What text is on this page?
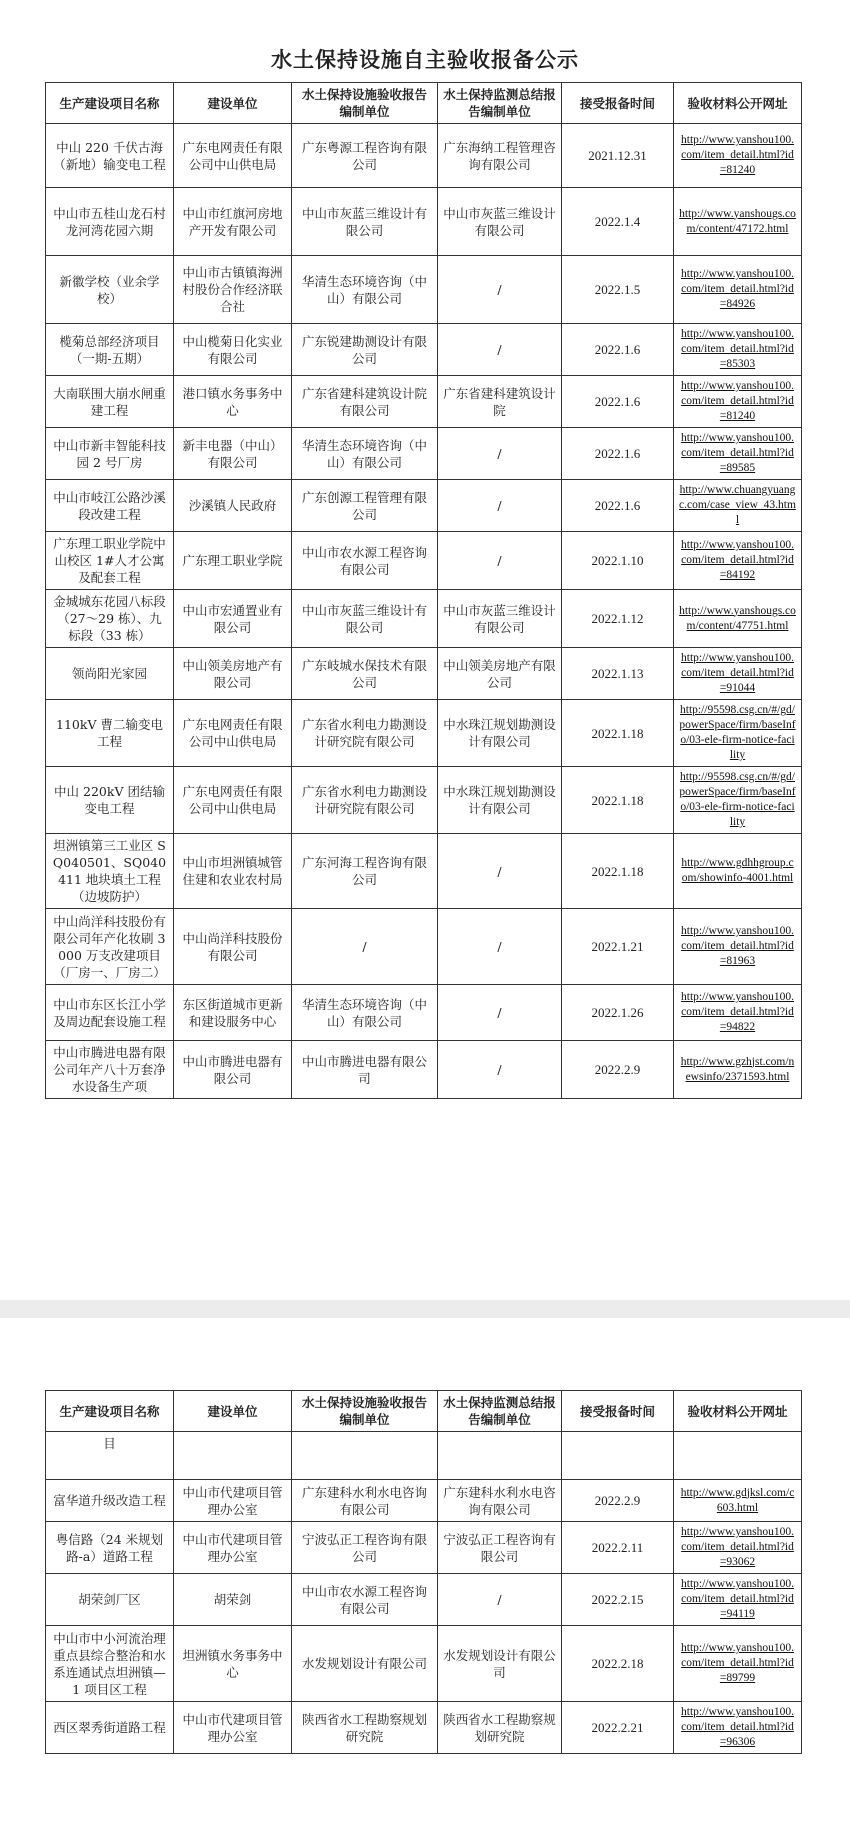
水土保持设施自主验收报备公示
生产建设项目名称	建设单位	水土保持设施验收报告编制单位	水土保持监测总结报告编制单位	接受报备时间	验收材料公开网址
中山 220 千伏古海（新地）输变电工程	广东电网责任有限公司中山供电局	广东粤源工程咨询有限公司	广东海纳工程管理咨询有限公司	2021.12.31	http://www.yanshou100.com/item_detail.html?id=81240
中山市五桂山龙石村龙河湾花园六期	中山市红旗河房地产开发有限公司	中山市灰蓝三维设计有限公司	中山市灰蓝三维设计有限公司	2022.1.4	http://www.yanshougs.com/content/47172.html
新徽学校（业余学校）	中山市古镇镇海洲村股份合作经济联合社	华清生态环境咨询（中山）有限公司	/	2022.1.5	http://www.yanshou100.com/item_detail.html?id=84926
榄菊总部经济项目（一期-五期）	中山榄菊日化实业有限公司	广东锐建勘测设计有限公司	/	2022.1.6	http://www.yanshou100.com/item_detail.html?id=85303
大南联围大崩水闸重建工程	港口镇水务事务中心	广东省建科建筑设计院有限公司	广东省建科建筑设计院	2022.1.6	http://www.yanshou100.com/item_detail.html?id=81240
中山市新丰智能科技园 2 号厂房	新丰电器（中山）有限公司	华清生态环境咨询（中山）有限公司	/	2022.1.6	http://www.yanshou100.com/item_detail.html?id=89585
中山市岐江公路沙溪段改建工程	沙溪镇人民政府	广东创源工程管理有限公司	/	2022.1.6	http://www.chuangyuangc.com/case_view_43.html
广东理工职业学院中山校区 1#人才公寓及配套工程	广东理工职业学院	中山市农水源工程咨询有限公司	/	2022.1.10	http://www.yanshou100.com/item_detail.html?id=84192
金城城东花园八标段（27～29 栋）、九标段（33 栋）	中山市宏通置业有限公司	中山市灰蓝三维设计有限公司	中山市灰蓝三维设计有限公司	2022.1.12	http://www.yanshougs.com/content/47751.html
领尚阳光家园	中山领美房地产有限公司	广东岐城水保技术有限公司	中山领美房地产有限公司	2022.1.13	http://www.yanshou100.com/item_detail.html?id=91044
110kV 曹二输变电工程	广东电网责任有限公司中山供电局	广东省水利电力勘测设计研究院有限公司	中水珠江规划勘测设计有限公司	2022.1.18	http://95598.csg.cn/#/gd/powerSpace/firm/baseInfo/03-ele-firm-notice-facility
中山 220kV 团结输变电工程	广东电网责任有限公司中山供电局	广东省水利电力勘测设计研究院有限公司	中水珠江规划勘测设计有限公司	2022.1.18	http://95598.csg.cn/#/gd/powerSpace/firm/baseInfo/03-ele-firm-notice-facility
坦洲镇第三工业区 SQ040501、SQ040411 地块填土工程（边坡防护）	中山市坦洲镇城管住建和农业农村局	广东河海工程咨询有限公司	/	2022.1.18	http://www.gdhhgroup.com/showinfo-4001.html
中山尚洋科技股份有限公司年产化妆刷 3000 万支改建项目（厂房一、厂房二）	中山尚洋科技股份有限公司	/	/	2022.1.21	http://www.yanshou100.com/item_detail.html?id=81963
中山市东区长江小学及周边配套设施工程	东区街道城市更新和建设服务中心	华清生态环境咨询（中山）有限公司	/	2022.1.26	http://www.yanshou100.com/item_detail.html?id=94822
中山市腾进电器有限公司年产八十万套净水设备生产项	中山市腾进电器有限公司	中山市腾进电器有限公司	/	2022.2.9	http://www.gzhjst.com/newsinfo/2371593.html
生产建设项目名称	建设单位	水土保持设施验收报告编制单位	水土保持监测总结报告编制单位	接受报备时间	验收材料公开网址
目					
富华道升级改造工程	中山市代建项目管理办公室	广东建科水利水电咨询有限公司	广东建科水利水电咨询有限公司	2022.2.9	http://www.gdjksl.com/c603.html
粤信路（24 米规划路-a）道路工程	中山市代建项目管理办公室	宁波弘正工程咨询有限公司	宁波弘正工程咨询有限公司	2022.2.11	http://www.yanshou100.com/item_detail.html?id=93062
胡荣剑厂区	胡荣剑	中山市农水源工程咨询有限公司	/	2022.2.15	http://www.yanshou100.com/item_detail.html?id=94119
中山市中小河流治理重点县综合整治和水系连通试点坦洲镇—1 项目区工程	坦洲镇水务事务中心	水发规划设计有限公司	水发规划设计有限公司	2022.2.18	http://www.yanshou100.com/item_detail.html?id=89799
西区翠秀街道路工程	中山市代建项目管理办公室	陕西省水工程勘察规划研究院	陕西省水工程勘察规划研究院	2022.2.21	http://www.yanshou100.com/item_detail.html?id=96306
